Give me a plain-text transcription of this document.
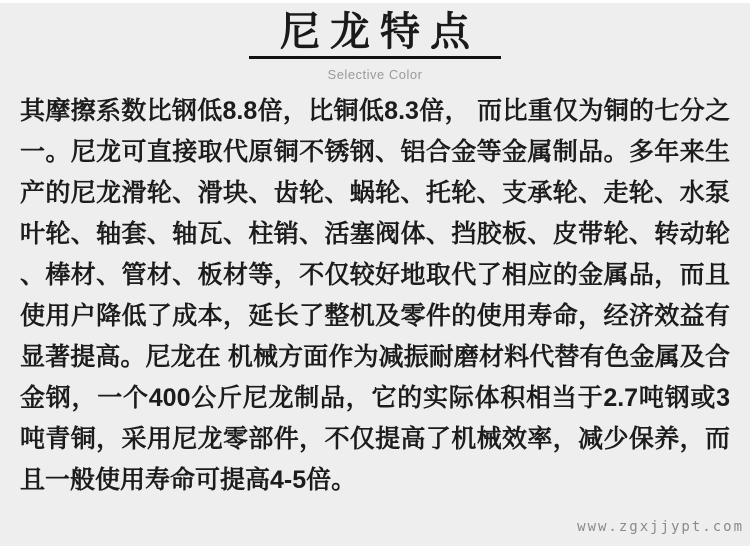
尼龙特点
Selective Color
其摩擦系数比钢低8.8倍，比铜低8.3倍， 而比重仅为铜的七分之
一。尼龙可直接取代原铜不锈钢、铝合金等金属制品。多年来生
产的尼龙滑轮、滑块、齿轮、蜗轮、托轮、支承轮、走轮、水泵
叶轮、轴套、轴瓦、柱销、活塞阀体、挡胶板、皮带轮、转动轮
、棒材、管材、板材等，不仅较好地取代了相应的金属品，而且
使用户降低了成本，延长了整机及零件的使用寿命，经济效益有
显著提高。尼龙在 机械方面作为减振耐磨材料代替有色金属及合
金钢，一个400公斤尼龙制品，它的实际体积相当于2.7吨钢或3
吨青铜，采用尼龙零部件，不仅提高了机械效率，减少保养，而
且一般使用寿命可提高4-5倍。
www.zgxjjypt.com
